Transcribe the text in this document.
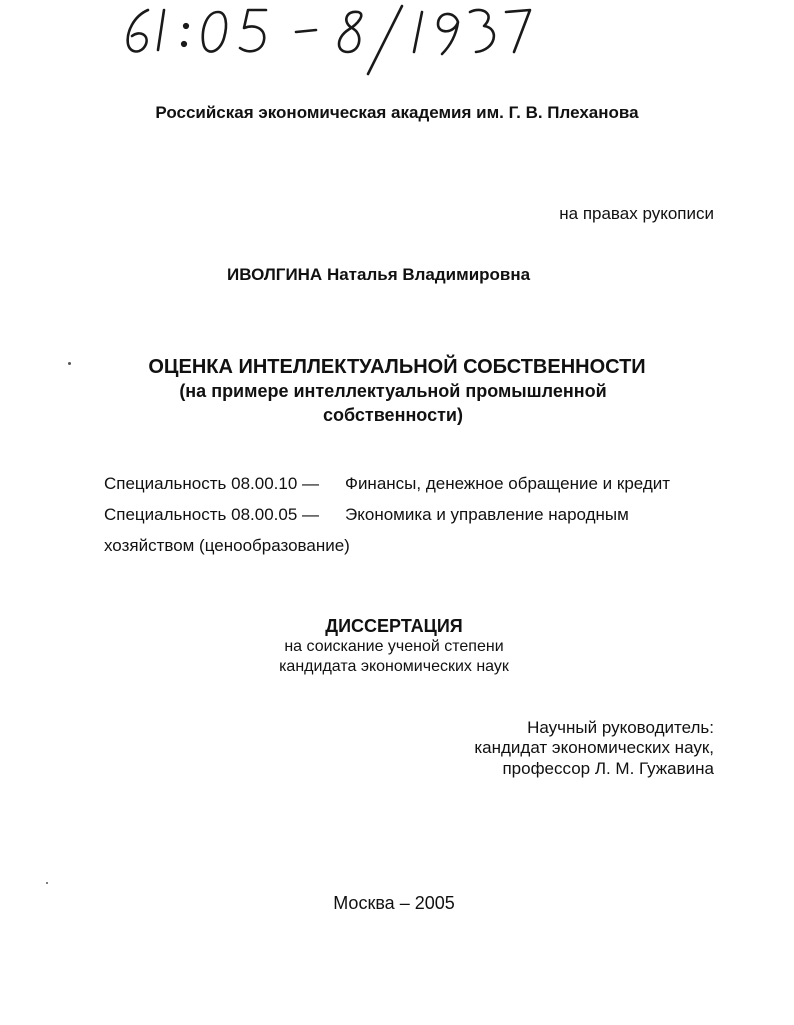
Российская экономическая академия им. Г. В. Плеханова
на правах рукописи
ИВОЛГИНА Наталья Владимировна
ОЦЕНКА ИНТЕЛЛЕКТУАЛЬНОЙ СОБСТВЕННОСТИ
(на примере интеллектуальной промышленной
собственности)
Специальность 08.00.10 — Финансы, денежное обращение и кредит
Специальность 08.00.05 — Экономика и управление народным
хозяйством (ценообразование)
ДИССЕРТАЦИЯ
на соискание ученой степени
кандидата экономических наук
Научный руководитель:
кандидат экономических наук,
профессор Л. М. Гужавина
Москва – 2005
